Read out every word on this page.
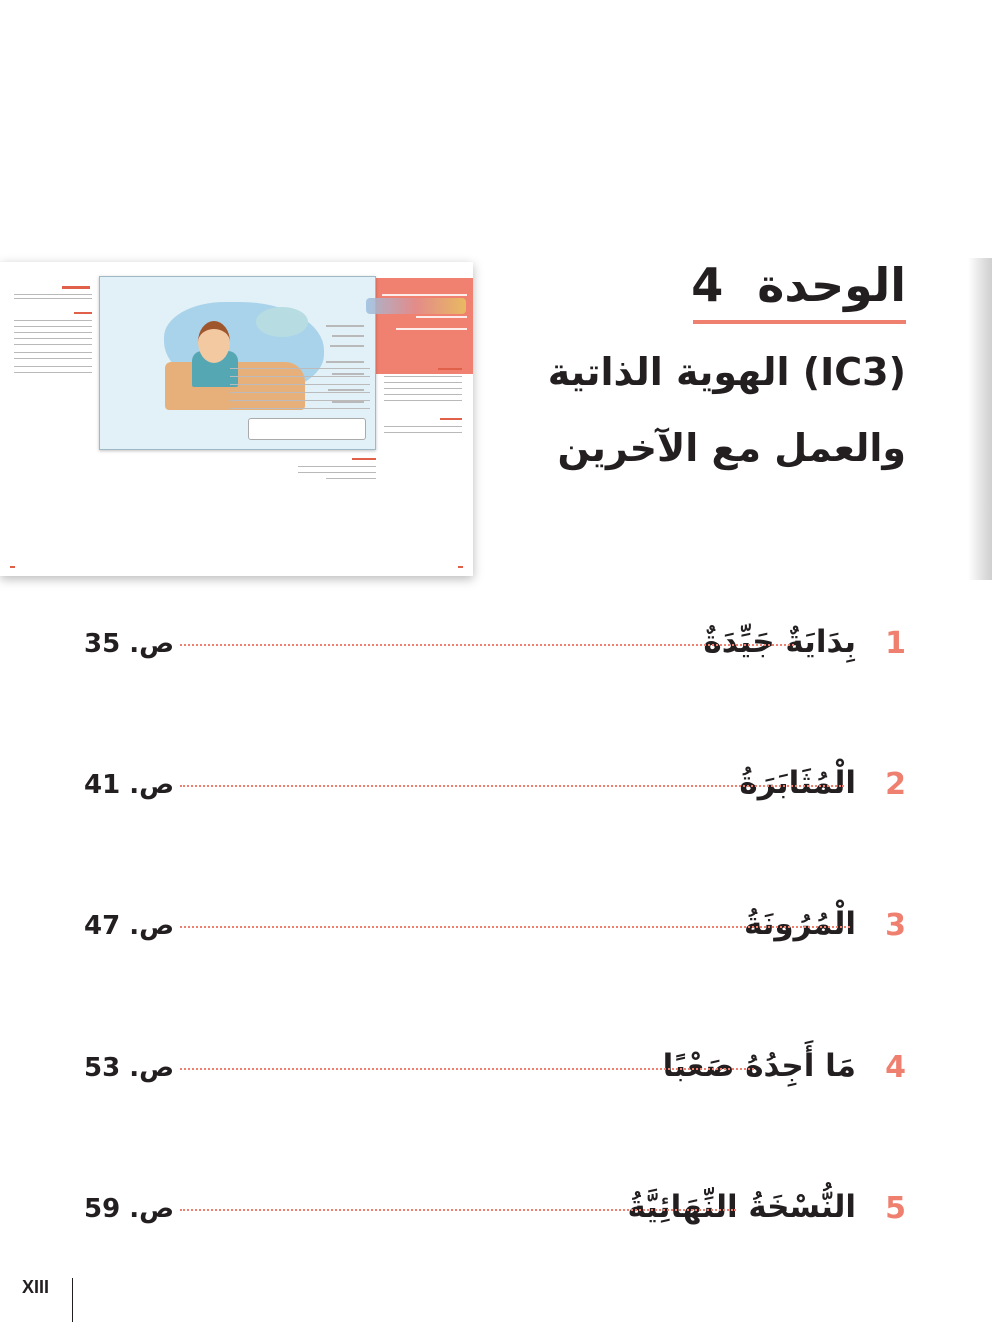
الوحدة4
(IC3) الهوية الذاتية
والعمل مع الآخرين
1
بِدَايَةٌ جَيِّدَةٌ
ص. 35
2
الْمُثَابَرَةُ
ص. 41
3
الْمُرُونَةُ
ص. 47
4
مَا أَجِدُهُ صَعْبًا
ص. 53
5
النُّسْخَةُ النِّهَائِيَّةُ
ص. 59
XIII
